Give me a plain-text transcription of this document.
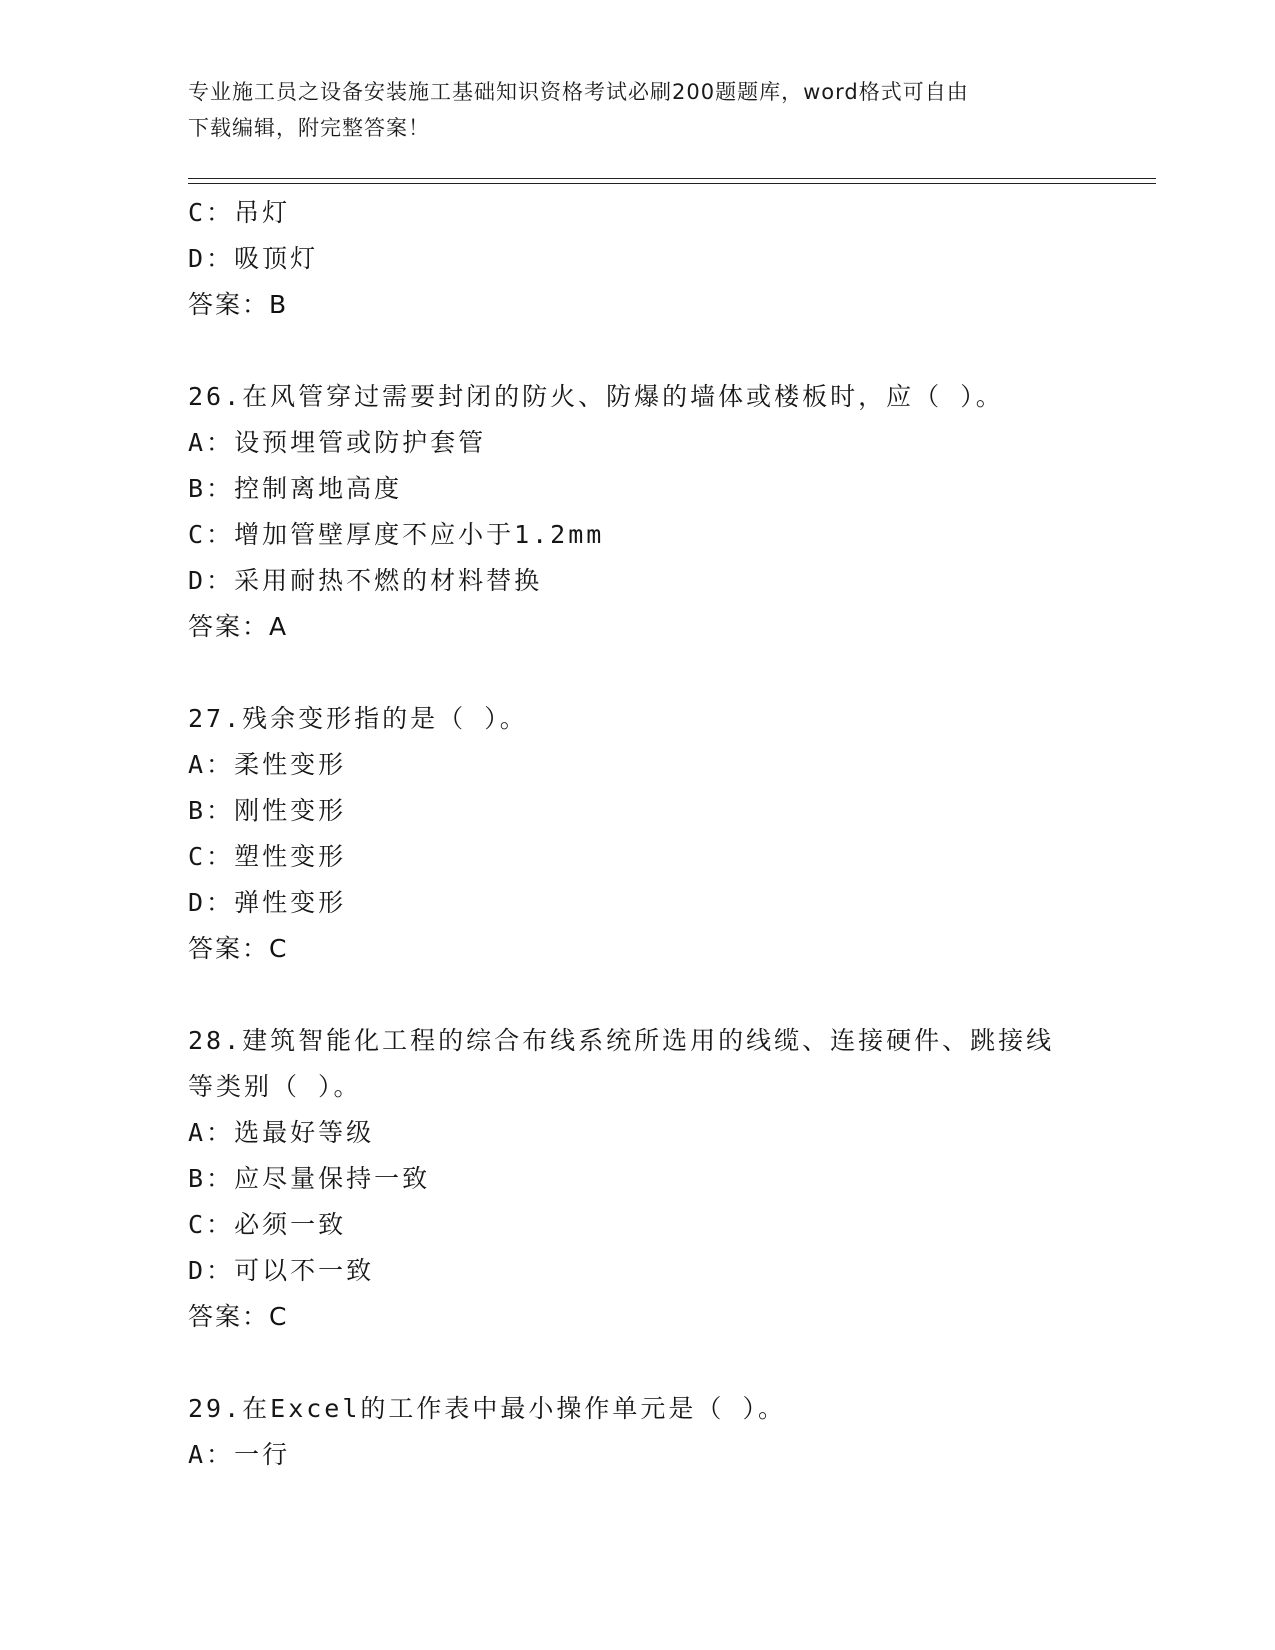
专业施工员之设备安装施工基础知识资格考试必刷200题题库，word格式可自由
下载编辑，附完整答案！
C：吊灯
D：吸顶灯
答案：B
26.在风管穿过需要封闭的防火、防爆的墙体或楼板时，应（ ）。
A：设预埋管或防护套管
B：控制离地高度
C：增加管壁厚度不应小于1.2mm
D：采用耐热不燃的材料替换
答案：A
27.残余变形指的是（ ）。
A：柔性变形
B：刚性变形
C：塑性变形
D：弹性变形
答案：C
28.建筑智能化工程的综合布线系统所选用的线缆、连接硬件、跳接线
等类别（ ）。
A：选最好等级
B：应尽量保持一致
C：必须一致
D：可以不一致
答案：C
29.在Excel的工作表中最小操作单元是（ ）。
A：一行
